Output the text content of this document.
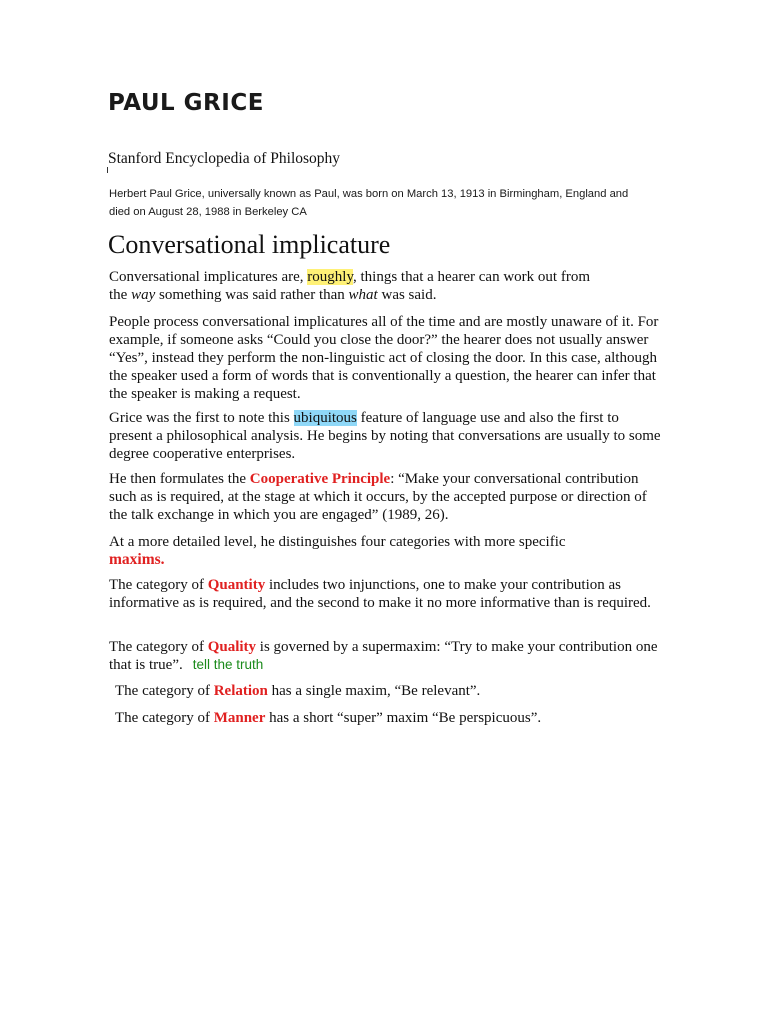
PAUL GRICE
Stanford Encyclopedia of Philosophy
Herbert Paul Grice, universally known as Paul, was born on March 13, 1913 in Birmingham, England and
died on August 28, 1988 in Berkeley CA
Conversational implicature
Conversational implicatures are, roughly, things that a hearer can work out from
the way something was said rather than what was said.
People process conversational implicatures all of the time and are mostly unaware of it. For example, if someone asks “Could you close the door?” the hearer does not usually answer “Yes”, instead they perform the non-linguistic act of closing the door. In this case, although the speaker used a form of words that is conventionally a question, the hearer can infer that the speaker is making a request.
Grice was the first to note this ubiquitous feature of language use and also the first to present a philosophical analysis. He begins by noting that conversations are usually to some degree cooperative enterprises.
He then formulates the Cooperative Principle: “Make your conversational contribution such as is required, at the stage at which it occurs, by the accepted purpose or direction of the talk exchange in which you are engaged” (1989, 26).
At a more detailed level, he distinguishes four categories with more specific
maxims.
The category of Quantity includes two injunctions, one to make your contribution as informative as is required, and the second to make it no more informative than is required.
The category of Quality is governed by a supermaxim: “Try to make your contribution one that is true”. tell the truth
The category of Relation has a single maxim, “Be relevant”.
The category of Manner has a short “super” maxim “Be perspicuous”.
